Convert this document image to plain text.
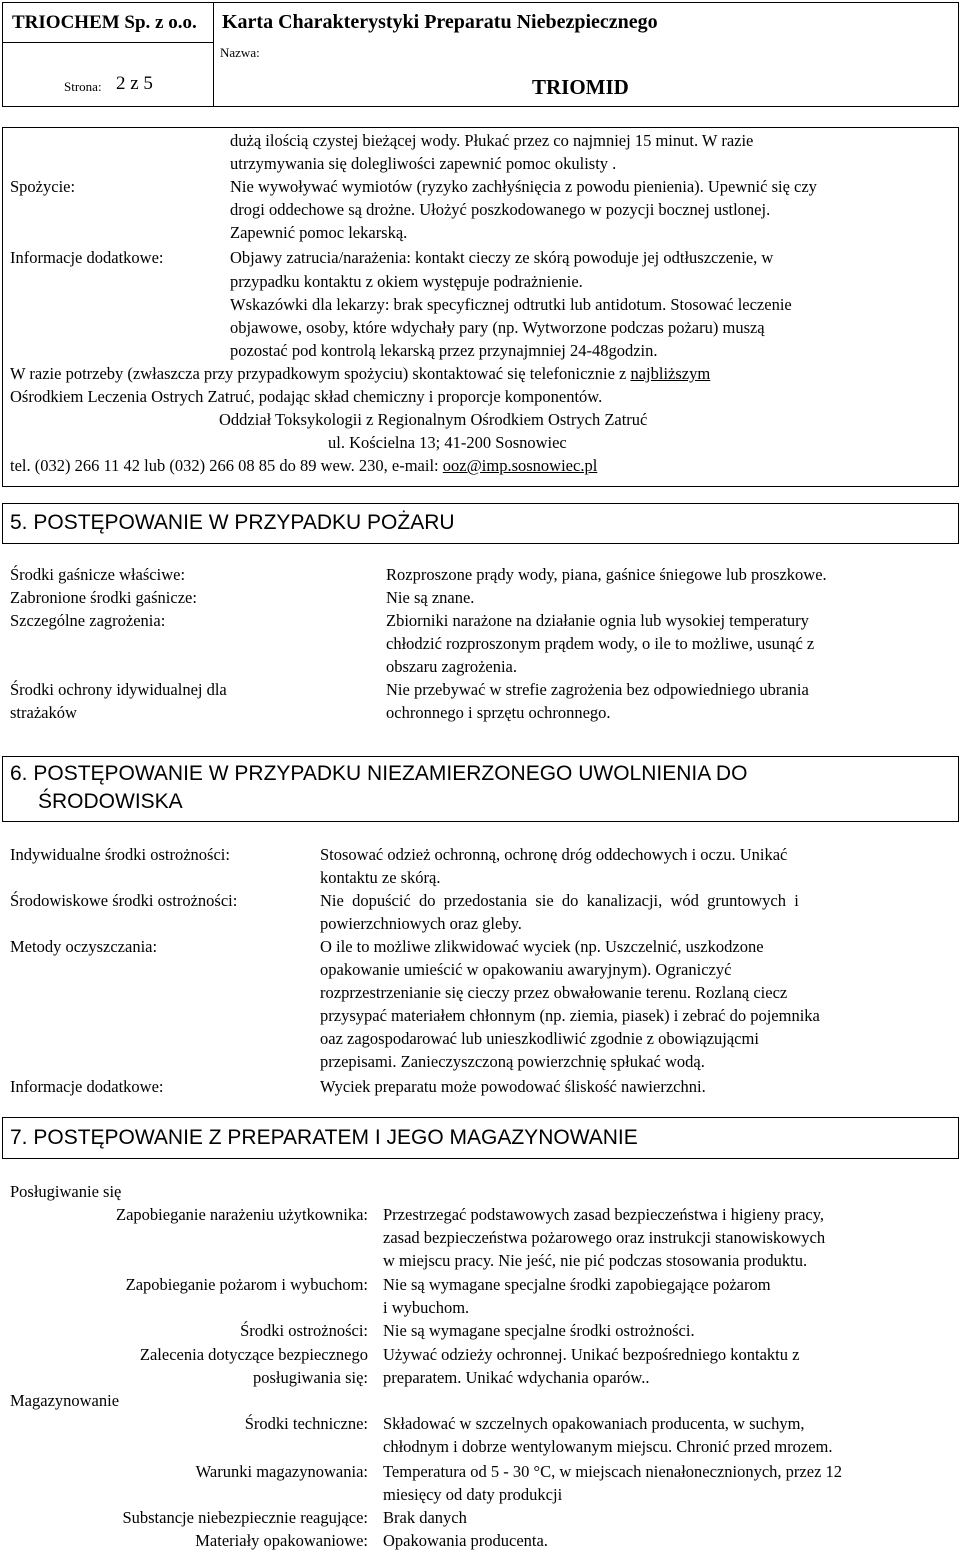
TRIOCHEM Sp. z o.o. Karta Charakterystyki Preparatu Niebezpiecznego
Strona: 2 z 5
Nazwa:
TRIOMID
dużą ilością czystej bieżącej wody. Płukać przez co najmniej 15 minut. W razie
utrzymywania się dolegliwości zapewnić pomoc okulisty .
Spożycie:	Nie wywoływać wymiotów (ryzyko zachłyśnięcia z powodu pienienia). Upewnić się czy
drogi oddechowe są drożne. Ułożyć poszkodowanego w pozycji bocznej ustlonej.
Zapewnić pomoc lekarską.
Informacje dodatkowe:	Objawy zatrucia/narażenia: kontakt cieczy ze skórą powoduje jej odtłuszczenie, w
przypadku kontaktu z okiem występuje podrażnienie.
Wskazówki dla lekarzy: brak specyficznej odtrutki lub antidotum. Stosować leczenie
objawowe, osoby, które wdychały pary (np. Wytworzone podczas pożaru) muszą
pozostać pod kontrolą lekarską przez przynajmniej 24-48godzin.
W razie potrzeby (zwłaszcza przy przypadkowym spożyciu) skontaktować się telefonicznie z najbliższym
Ośrodkiem Leczenia Ostrych Zatruć, podając skład chemiczny i proporcje komponentów.
Oddział Toksykologii z Regionalnym Ośrodkiem Ostrych Zatruć
ul. Kościelna 13; 41-200 Sosnowiec
tel. (032) 266 11 42 lub (032) 266 08 85 do 89 wew. 230, e-mail: ooz@imp.sosnowiec.pl
5. POSTĘPOWANIE W PRZYPADKU POŻARU
Środki gaśnicze właściwe:
Zabronione środki gaśnicze:
Szczególne zagrożenia:
Środki ochrony idywidualnej dla
strażaków
Rozproszone prądy wody, piana, gaśnice śniegowe lub proszkowe.
Nie są znane.
Zbiorniki narażone na działanie ognia lub wysokiej temperatury
chłodzić rozproszonym prądem wody, o ile to możliwe, usunąć z
obszaru zagrożenia.
Nie przebywać w strefie zagrożenia bez odpowiedniego ubrania
ochronnego i sprzętu ochronnego.
6. POSTĘPOWANIE W PRZYPADKU NIEZAMIERZONEGO UWOLNIENIA DO
ŚRODOWISKA
Indywidualne środki ostrożności:
Środowiskowe środki ostrożności:
Metody oczyszczania:
Informacje dodatkowe:
Stosować odzież ochronną, ochronę dróg oddechowych i oczu. Unikać
kontaktu ze skórą.
Nie  dopuścić  do  przedostania  sie  do  kanalizacji,  wód  gruntowych  i
powierzchniowych oraz gleby.
O ile to możliwe zlikwidować wyciek (np. Uszczelnić, uszkodzone
opakowanie umieścić w opakowaniu awaryjnym). Ograniczyć
rozprzestrzenianie się cieczy przez obwałowanie terenu. Rozlaną ciecz
przysypać materiałem chłonnym (np. ziemia, piasek) i zebrać do pojemnika
oaz zagospodarować lub unieszkodliwić zgodnie z obowiązującmi
przepisami. Zanieczyszczoną powierzchnię spłukać wodą.
Wyciek preparatu może powodować śliskość nawierzchni.
7. POSTĘPOWANIE Z PREPARATEM I JEGO MAGAZYNOWANIE
Posługiwanie się
Zapobieganie narażeniu użytkownika: Przestrzegać podstawowych zasad bezpieczeństwa i higieny pracy,
zasad bezpieczeństwa pożarowego oraz instrukcji stanowiskowych
w miejscu pracy. Nie jeść, nie pić podczas stosowania produktu.
Zapobieganie pożarom i wybuchom: Nie są wymagane specjalne środki zapobiegające pożarom
i wybuchom.
Środki ostrożności: Nie są wymagane specjalne środki ostrożności.
Zalecenia dotyczące bezpiecznego
posługiwania się:
Używać odzieży ochronnej. Unikać bezpośredniego kontaktu z
preparatem. Unikać wdychania oparów..
Magazynowanie
Środki techniczne: Składować w szczelnych opakowaniach producenta, w suchym,
chłodnym i dobrze wentylowanym miejscu. Chronić przed mrozem.
Warunki magazynowania: Temperatura od 5 - 30 °C, w miejscach nienałonecznionych, przez 12
miesięcy od daty produkcji
Substancje niebezpiecznie reagujące: Brak danych
Materiały opakowaniowe: Opakowania producenta.
